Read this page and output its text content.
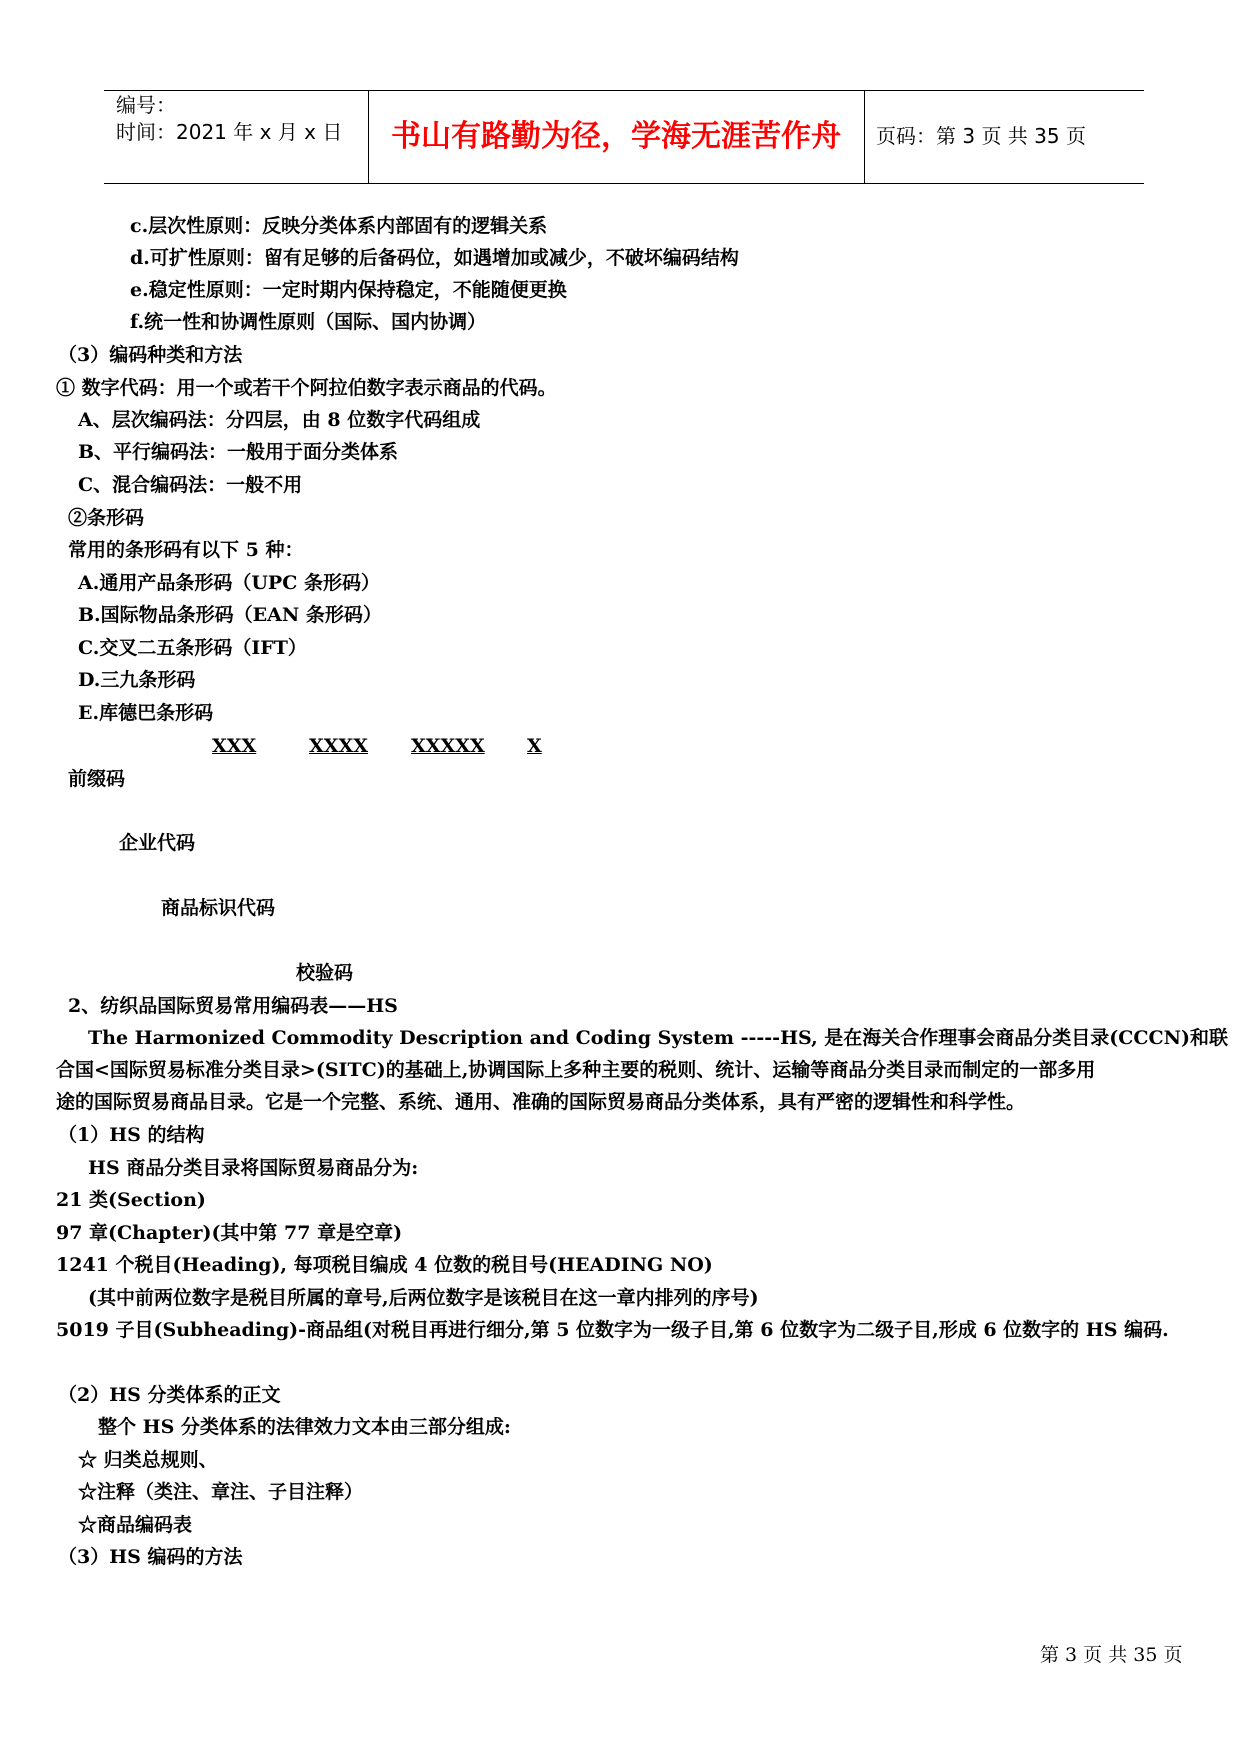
编号：
时间：2021 年 x 月 x 日	书山有路勤为径，学海无涯苦作舟	页码：第 3 页 共 35 页
c.层次性原则：反映分类体系内部固有的逻辑关系
d.可扩性原则：留有足够的后备码位，如遇增加或减少，不破坏编码结构
e.稳定性原则：一定时期内保持稳定，不能随便更换
f.统一性和协调性原则（国际、国内协调）
（3）编码种类和方法
① 数字代码：用一个或若干个阿拉伯数字表示商品的代码。
A、层次编码法：分四层，由 8 位数字代码组成
B、平行编码法：一般用于面分类体系
C、混合编码法：一般不用
②条形码
常用的条形码有以下 5 种：
A.通用产品条形码（UPC 条形码）
B.国际物品条形码（EAN 条形码）
C.交叉二五条形码（IFT）
D.三九条形码
E.库德巴条形码
XXX	XXXX XXXXX X
前缀码
企业代码
商品标识代码
校验码
2、纺织品国际贸易常用编码表——HS
The Harmonized Commodity Description and Coding System -----HS, 是在海关合作理事会商品分类目录(CCCN)和联
合国<国际贸易标准分类目录>(SITC)的基础上,协调国际上多种主要的税则、统计、运输等商品分类目录而制定的一部多用
途的国际贸易商品目录。它是一个完整、系统、通用、准确的国际贸易商品分类体系，具有严密的逻辑性和科学性。
（1）HS 的结构
HS 商品分类目录将国际贸易商品分为:
21 类(Section)
97 章(Chapter)(其中第 77 章是空章)
1241 个税目(Heading), 每项税目编成 4 位数的税目号(HEADING NO)
(其中前两位数字是税目所属的章号,后两位数字是该税目在这一章内排列的序号)
5019 子目(Subheading)-商品组(对税目再进行细分,第 5 位数字为一级子目,第 6 位数字为二级子目,形成 6 位数字的 HS 编码.
（2）HS 分类体系的正文
整个 HS 分类体系的法律效力文本由三部分组成:
☆ 归类总规则、
☆注释（类注、章注、子目注释）
☆商品编码表
（3）HS 编码的方法
第 3 页 共 35 页
